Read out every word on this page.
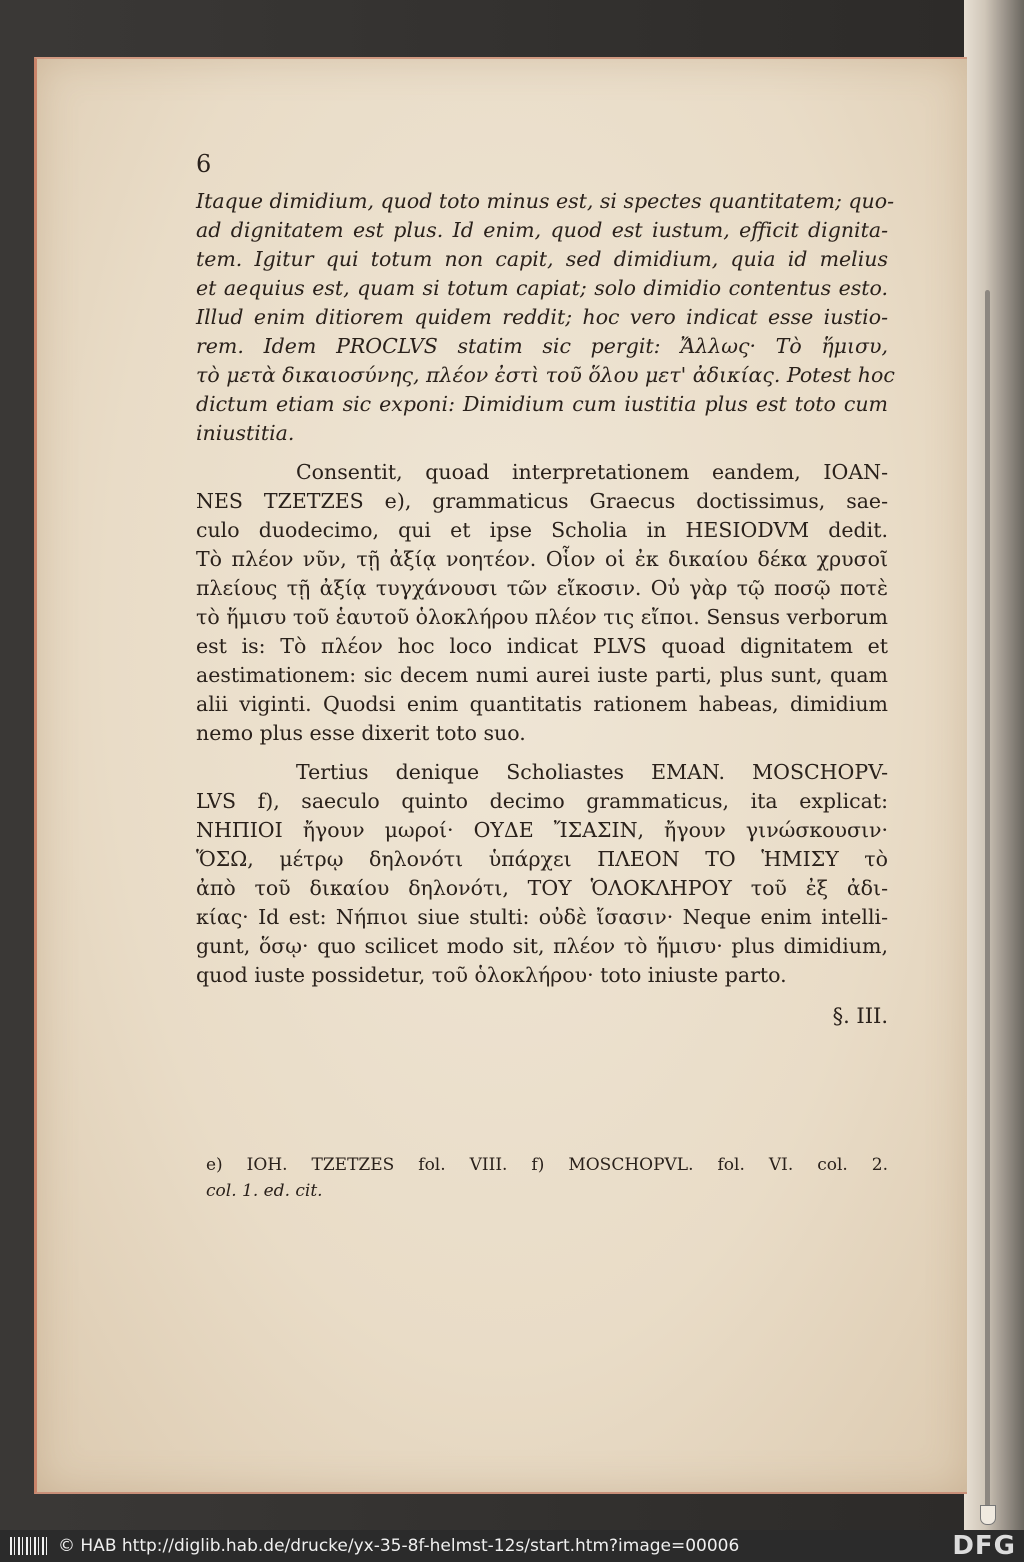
6
Itaque dimidium, quod toto minus est, si spectes quantitatem; quo-
ad dignitatem est plus. Id enim, quod est iustum, efficit dignita-
tem. Igitur qui totum non capit, sed dimidium, quia id melius
et aequius est, quam si totum capiat; solo dimidio contentus esto.
Illud enim ditiorem quidem reddit; hoc vero indicat esse iustio-
rem. Idem PROCLVS statim sic pergit: Ἄλλως· Τὸ ἥμισυ,
τὸ μετὰ δικαιοσύνης, πλέον ἐστὶ τοῦ ὅλου μετ' ἀδικίας. Potest hoc
dictum etiam sic exponi: Dimidium cum iustitia plus est toto cum
iniustitia.
Consentit, quoad interpretationem eandem, IOAN-
NES TZETZES e), grammaticus Graecus doctissimus, sae-
culo duodecimo, qui et ipse Scholia in HESIODVM dedit.
Τὸ πλέον νῦν, τῇ ἀξίᾳ νοητέον. Οἷον οἱ ἐκ δικαίου δέκα χρυσοῖ
πλείους τῇ ἀξίᾳ τυγχάνουσι τῶν εἴκοσιν. Οὐ γὰρ τῷ ποσῷ ποτὲ
τὸ ἥμισυ τοῦ ἑαυτοῦ ὁλοκλήρου πλέον τις εἴποι. Sensus verborum
est is: Τὸ πλέον hoc loco indicat PLVS quoad dignitatem et
aestimationem: sic decem numi aurei iuste parti, plus sunt, quam
alii viginti. Quodsi enim quantitatis rationem habeas, dimidium
nemo plus esse dixerit toto suo.
Tertius denique Scholiastes EMAN. MOSCHOPV-
LVS f), saeculo quinto decimo grammaticus, ita explicat:
ΝΗΠΙΟΙ ἤγουν μωροί· ΟΥΔΕ ἼΣΑΣΙΝ, ἤγουν γινώσκουσιν·
ὍΣΩ, μέτρῳ δηλονότι ὑπάρχει ΠΛΕΟΝ ΤΟ ἩΜΙΣΥ τὸ
ἀπὸ τοῦ δικαίου δηλονότι, ΤΟΥ ὉΛΟΚΛΗΡΟΥ τοῦ ἐξ ἀδι-
κίας· Id est: Νήπιοι siue stulti: οὐδὲ ἴσασιν· Neque enim intelli-
gunt, ὅσῳ· quo scilicet modo sit, πλέον τὸ ἥμισυ· plus dimidium,
quod iuste possidetur, τοῦ ὁλοκλήρου· toto iniuste parto.
§. III.
e) IOH. TZETZES fol. VIII. f) MOSCHOPVL. fol. VI. col. 2.
col. 1. ed. cit.
© HAB http://diglib.hab.de/drucke/yx-35-8f-helmst-12s/start.htm?image=00006	DFG
